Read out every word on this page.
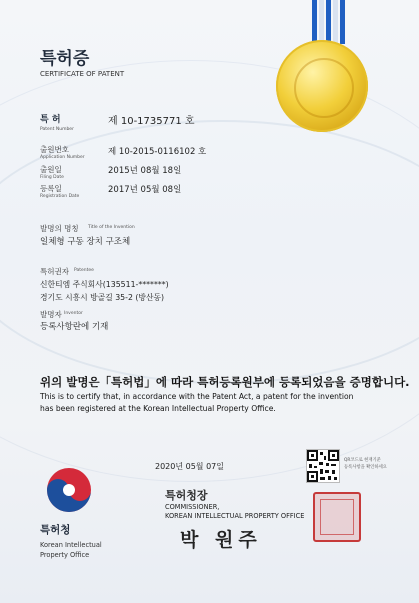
특허증
CERTIFICATE OF PATENT
특 허
Patent Number
제 10-1735771 호
출원번호
Application Number
제 10-2015-0116102 호
출원일
Filing Date
2015년 08월 18일
등록일
Registration Date
2017년 05월 08일
발명의 명칭 Title of the Invention
일체형 구동 장치 구조체
특허권자 Patentee
신한티엠 주식회사(135511-*******)
경기도 시흥시 방골길 35-2 (방산동)
발명자 Inventor
등록사항란에 기재
위의 발명은「특허법」에 따라 특허등록원부에 등록되었음을 증명합니다.
This is to certify that, in accordance with the Patent Act, a patent for the invention
has been registered at the Korean Intellectual Property Office.
2020년 05월 07일
특허청장
COMMISSIONER,
KOREAN INTELLECTUAL PROPERTY OFFICE
박 원주
QR코드로 현재기준
등록사항을 확인하세요
특허청
Korean Intellectual
Property Office
